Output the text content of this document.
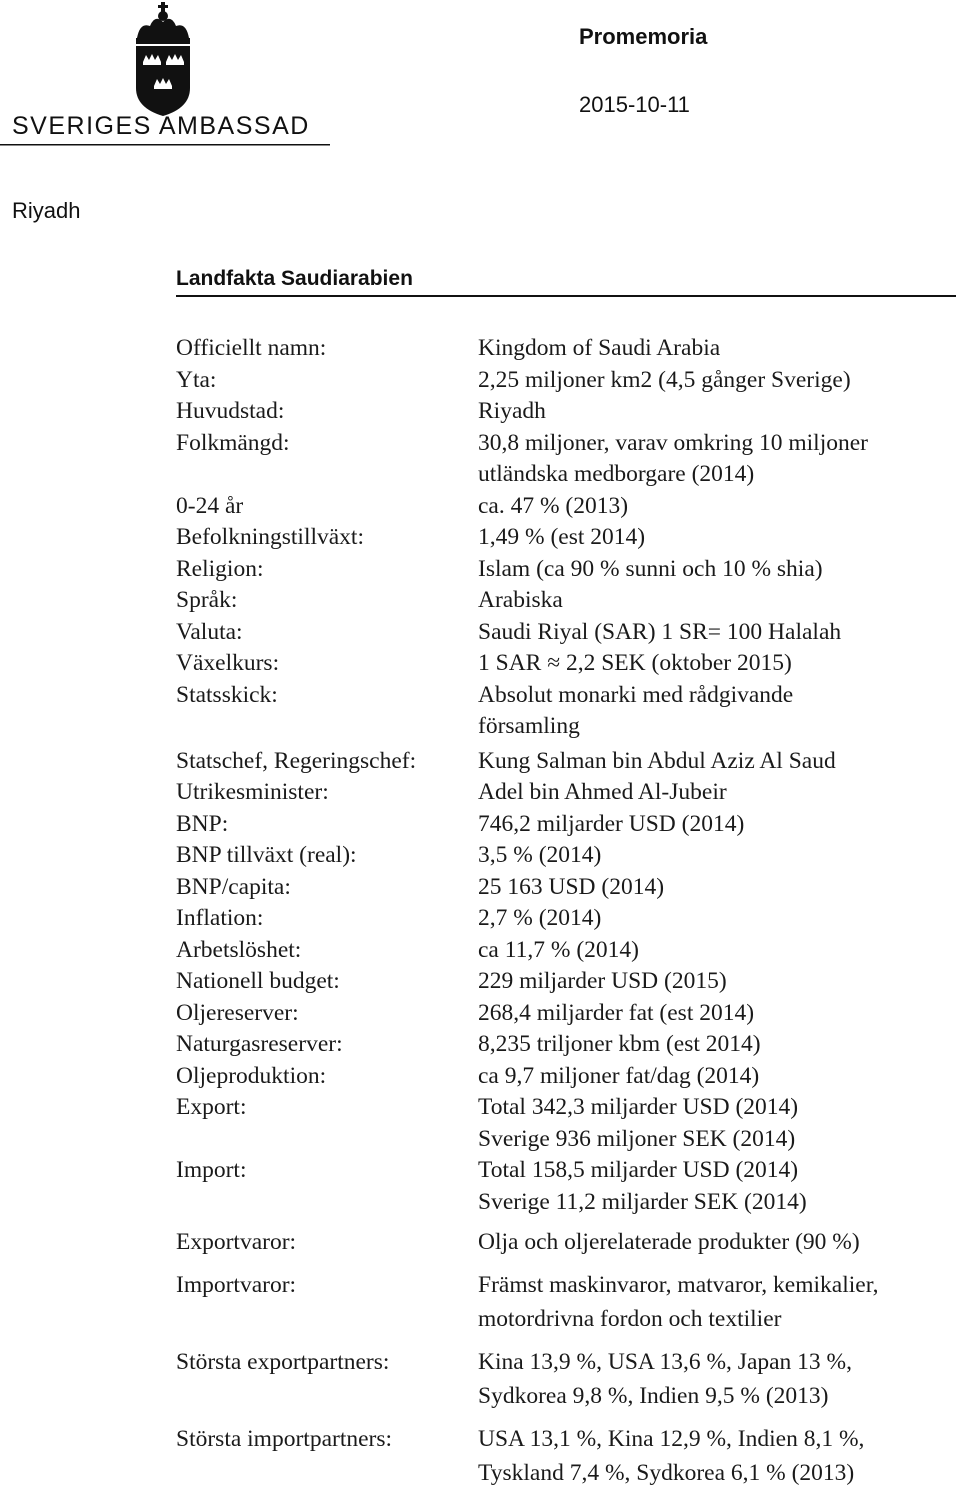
SVERIGES AMBASSAD
Promemoria
2015-10-11
Riyadh
Landfakta Saudiarabien
Officiellt namn:	Kingdom of Saudi Arabia
Yta:	2,25 miljoner km2 (4,5 gånger Sverige)
Huvudstad:	Riyadh
Folkmängd:	30,8 miljoner, varav omkring 10 miljoner
utländska medborgare (2014)
0-24 år	ca. 47 % (2013)
Befolkningstillväxt:	1,49 % (est 2014)
Religion:	Islam (ca 90 % sunni och 10 % shia)
Språk:	Arabiska
Valuta:	Saudi Riyal (SAR) 1 SR= 100 Halalah
Växelkurs:	1 SAR ≈ 2,2 SEK (oktober 2015)
Statsskick:	Absolut monarki med rådgivande
församling
Statschef, Regeringschef:	Kung Salman bin Abdul Aziz Al Saud
Utrikesminister:	Adel bin Ahmed Al-Jubeir
BNP:	746,2 miljarder USD (2014)
BNP tillväxt (real):	3,5 % (2014)
BNP/capita:	25 163 USD (2014)
Inflation:	2,7 % (2014)
Arbetslöshet:	ca 11,7 % (2014)
Nationell budget:	229 miljarder USD (2015)
Oljereserver:	268,4 miljarder fat (est 2014)
Naturgasreserver:	8,235 triljoner kbm (est 2014)
Oljeproduktion:	ca 9,7 miljoner fat/dag (2014)
Export:	Total 342,3 miljarder USD (2014)
Sverige 936 miljoner SEK (2014)
Import:	Total 158,5 miljarder USD (2014)
Sverige 11,2 miljarder SEK (2014)
Exportvaror:	Olja och oljerelaterade produkter (90 %)
Importvaror:	Främst maskinvaror, matvaror, kemikalier,
motordrivna fordon och textilier
Största exportpartners:	Kina 13,9 %, USA 13,6 %, Japan 13 %,
Sydkorea 9,8 %, Indien 9,5 % (2013)
Största importpartners:	USA 13,1 %, Kina 12,9 %, Indien 8,1 %,
Tyskland 7,4 %, Sydkorea 6,1 % (2013)
